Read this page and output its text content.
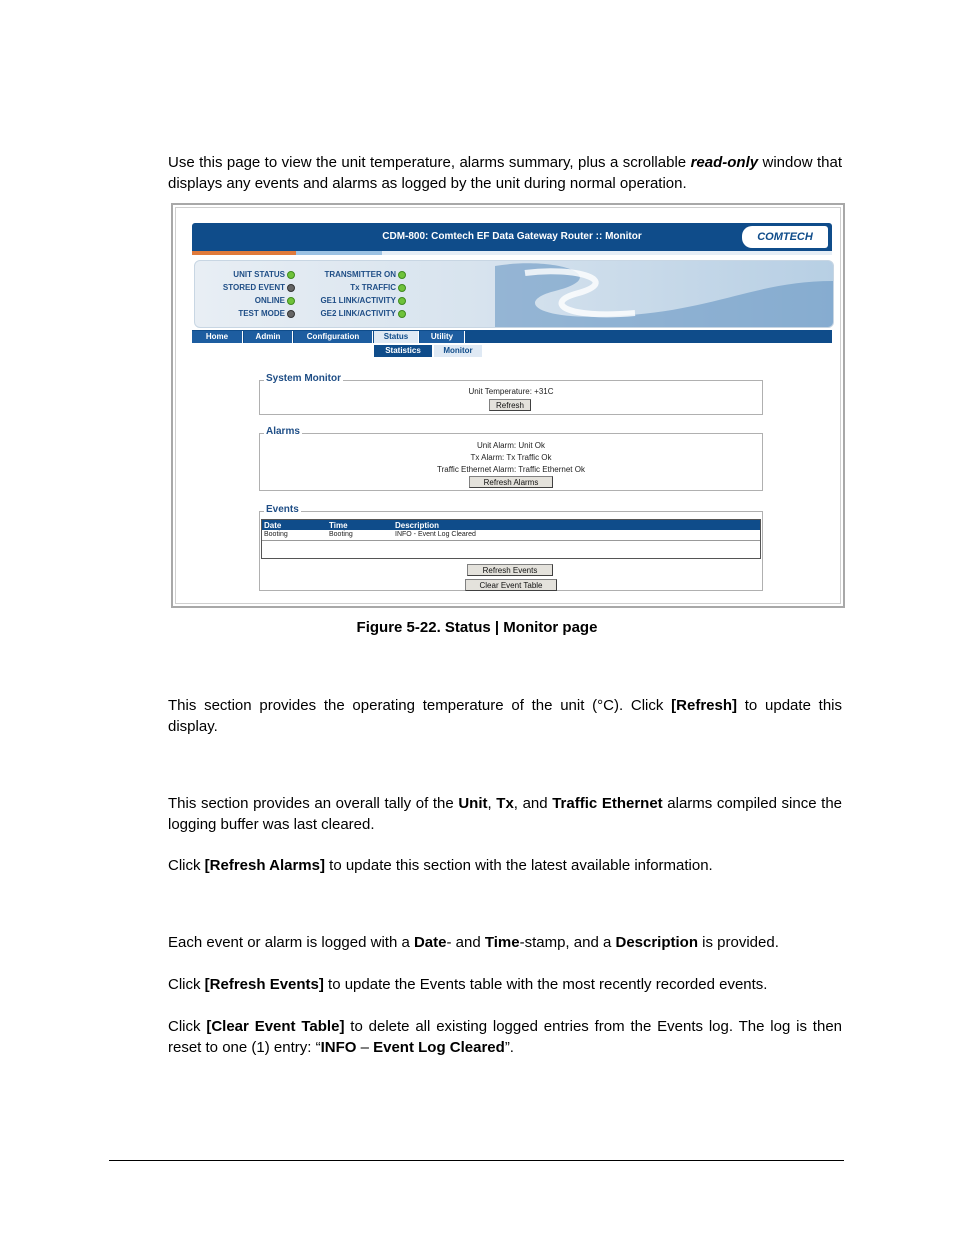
Use this page to view the unit temperature, alarms summary, plus a scrollable read-only window that displays any events and alarms as logged by the unit during normal operation.
CDM-800: Comtech EF Data Gateway Router :: Monitor	COMTECH
UNIT STATUS
STORED EVENT
ONLINE
TEST MODE
TRANSMITTER ON
Tx TRAFFIC
GE1 LINK/ACTIVITY
GE2 LINK/ACTIVITY
Home	Admin	Configuration	Status	Utility
Statistics	Monitor
System Monitor
Unit Temperature: +31C
Refresh
Alarms
Unit Alarm: Unit Ok
Tx Alarm: Tx Traffic Ok
Traffic Ethernet Alarm: Traffic Ethernet Ok
Refresh Alarms
Events
Date	Time	Description
Booting	Booting	INFO - Event Log Cleared
Refresh Events
Clear Event Table
Figure 5-22. Status | Monitor page
This section provides the operating temperature of the unit (°C). Click [Refresh] to update this display.
This section provides an overall tally of the Unit, Tx, and Traffic Ethernet alarms compiled since the logging buffer was last cleared.
Click [Refresh Alarms] to update this section with the latest available information.
Each event or alarm is logged with a Date- and Time-stamp, and a Description is provided.
Click [Refresh Events] to update the Events table with the most recently recorded events.
Click [Clear Event Table] to delete all existing logged entries from the Events log. The log is then reset to one (1) entry: “INFO – Event Log Cleared”.
